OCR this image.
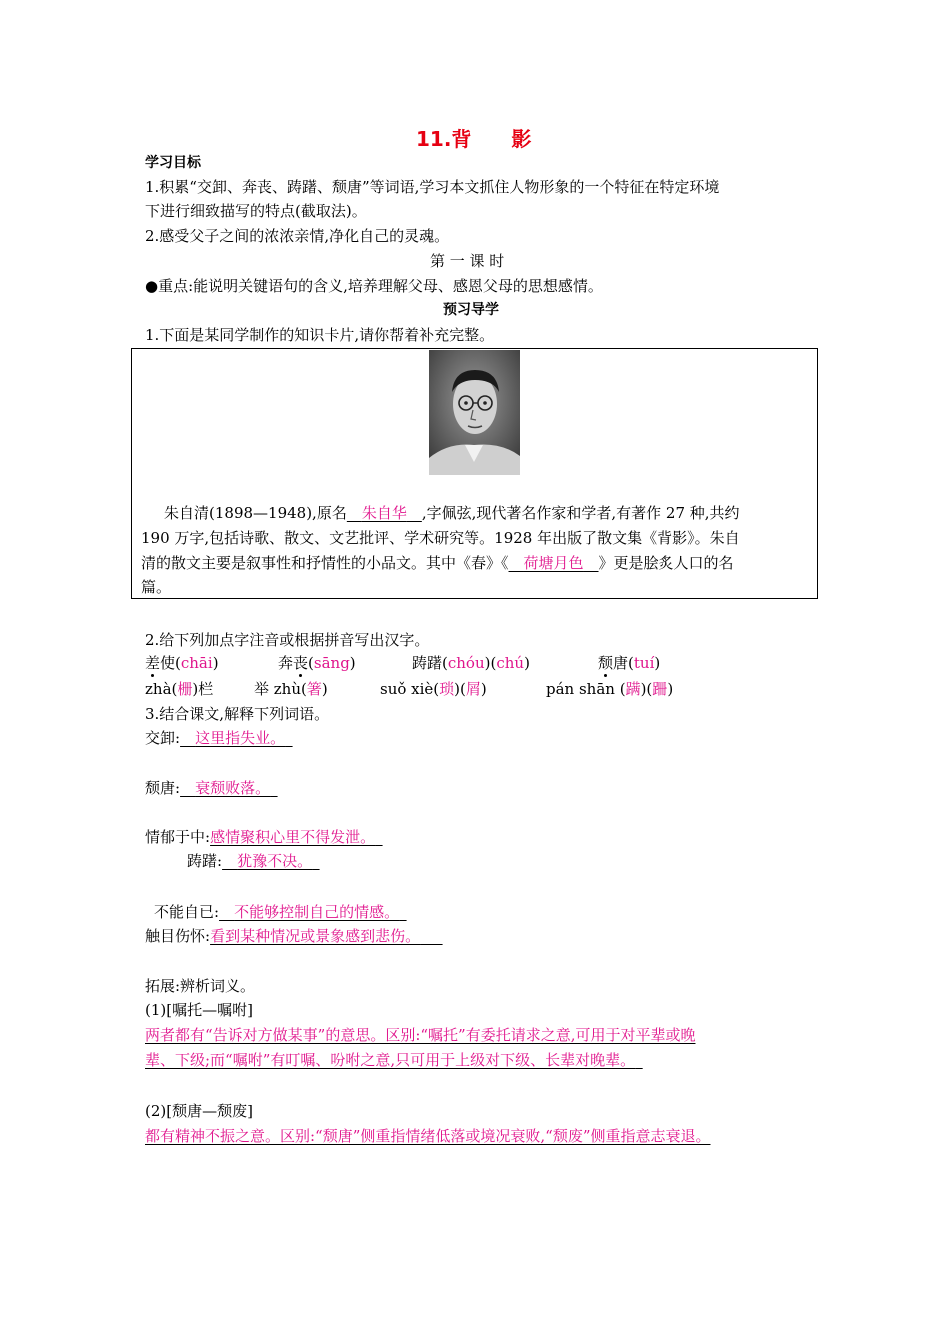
11.背　　影
学习目标
1.积累“交卸、奔丧、踌躇、颓唐”等词语,学习本文抓住人物形象的一个特征在特定环境
下进行细致描写的特点(截取法)。
2.感受父子之间的浓浓亲情,净化自己的灵魂。
第 一 课 时
●重点:能说明关键语句的含义,培养理解父母、感恩父母的思想感情。
预习导学
1.下面是某同学制作的知识卡片,请你帮着补充完整。
朱自清(1898—1948),原名  朱自华  ,字佩弦,现代著名作家和学者,有著作 27 种,共约
190 万字,包括诗歌、散文、文艺批评、学术研究等。1928 年出版了散文集《背影》。朱自
清的散文主要是叙事性和抒情性的小品文。其中《春》《  荷塘月色  》更是脍炙人口的名
篇。
2.给下列加点字注音或根据拼音写出汉字。
差使(chāi)	奔丧(sāng)	踌躇(chóu)(chú)	颓唐(tuí)
zhà(栅)栏	举 zhù(箸)	suǒ xiè(琐)(屑)	pán shān (蹒)(跚)
3.结合课文,解释下列词语。
交卸:  这里指失业。 
颓唐:  衰颓败落。 
情郁于中:感情聚积心里不得发泄。 
踌躇:  犹豫不决。 
不能自已:  不能够控制自己的情感。 
触目伤怀:看到某种情况或景象感到悲伤。  
拓展:辨析词义。
(1)[嘱托—嘱咐]
两者都有“告诉对方做某事”的意思。区别:“嘱托”有委托请求之意,可用于对平辈或晚
辈、下级;而“嘱咐”有叮嘱、吩咐之意,只可用于上级对下级、长辈对晚辈。 
(2)[颓唐—颓废]
都有精神不振之意。区别:“颓唐”侧重指情绪低落或境况衰败,“颓废”侧重指意志衰退。
